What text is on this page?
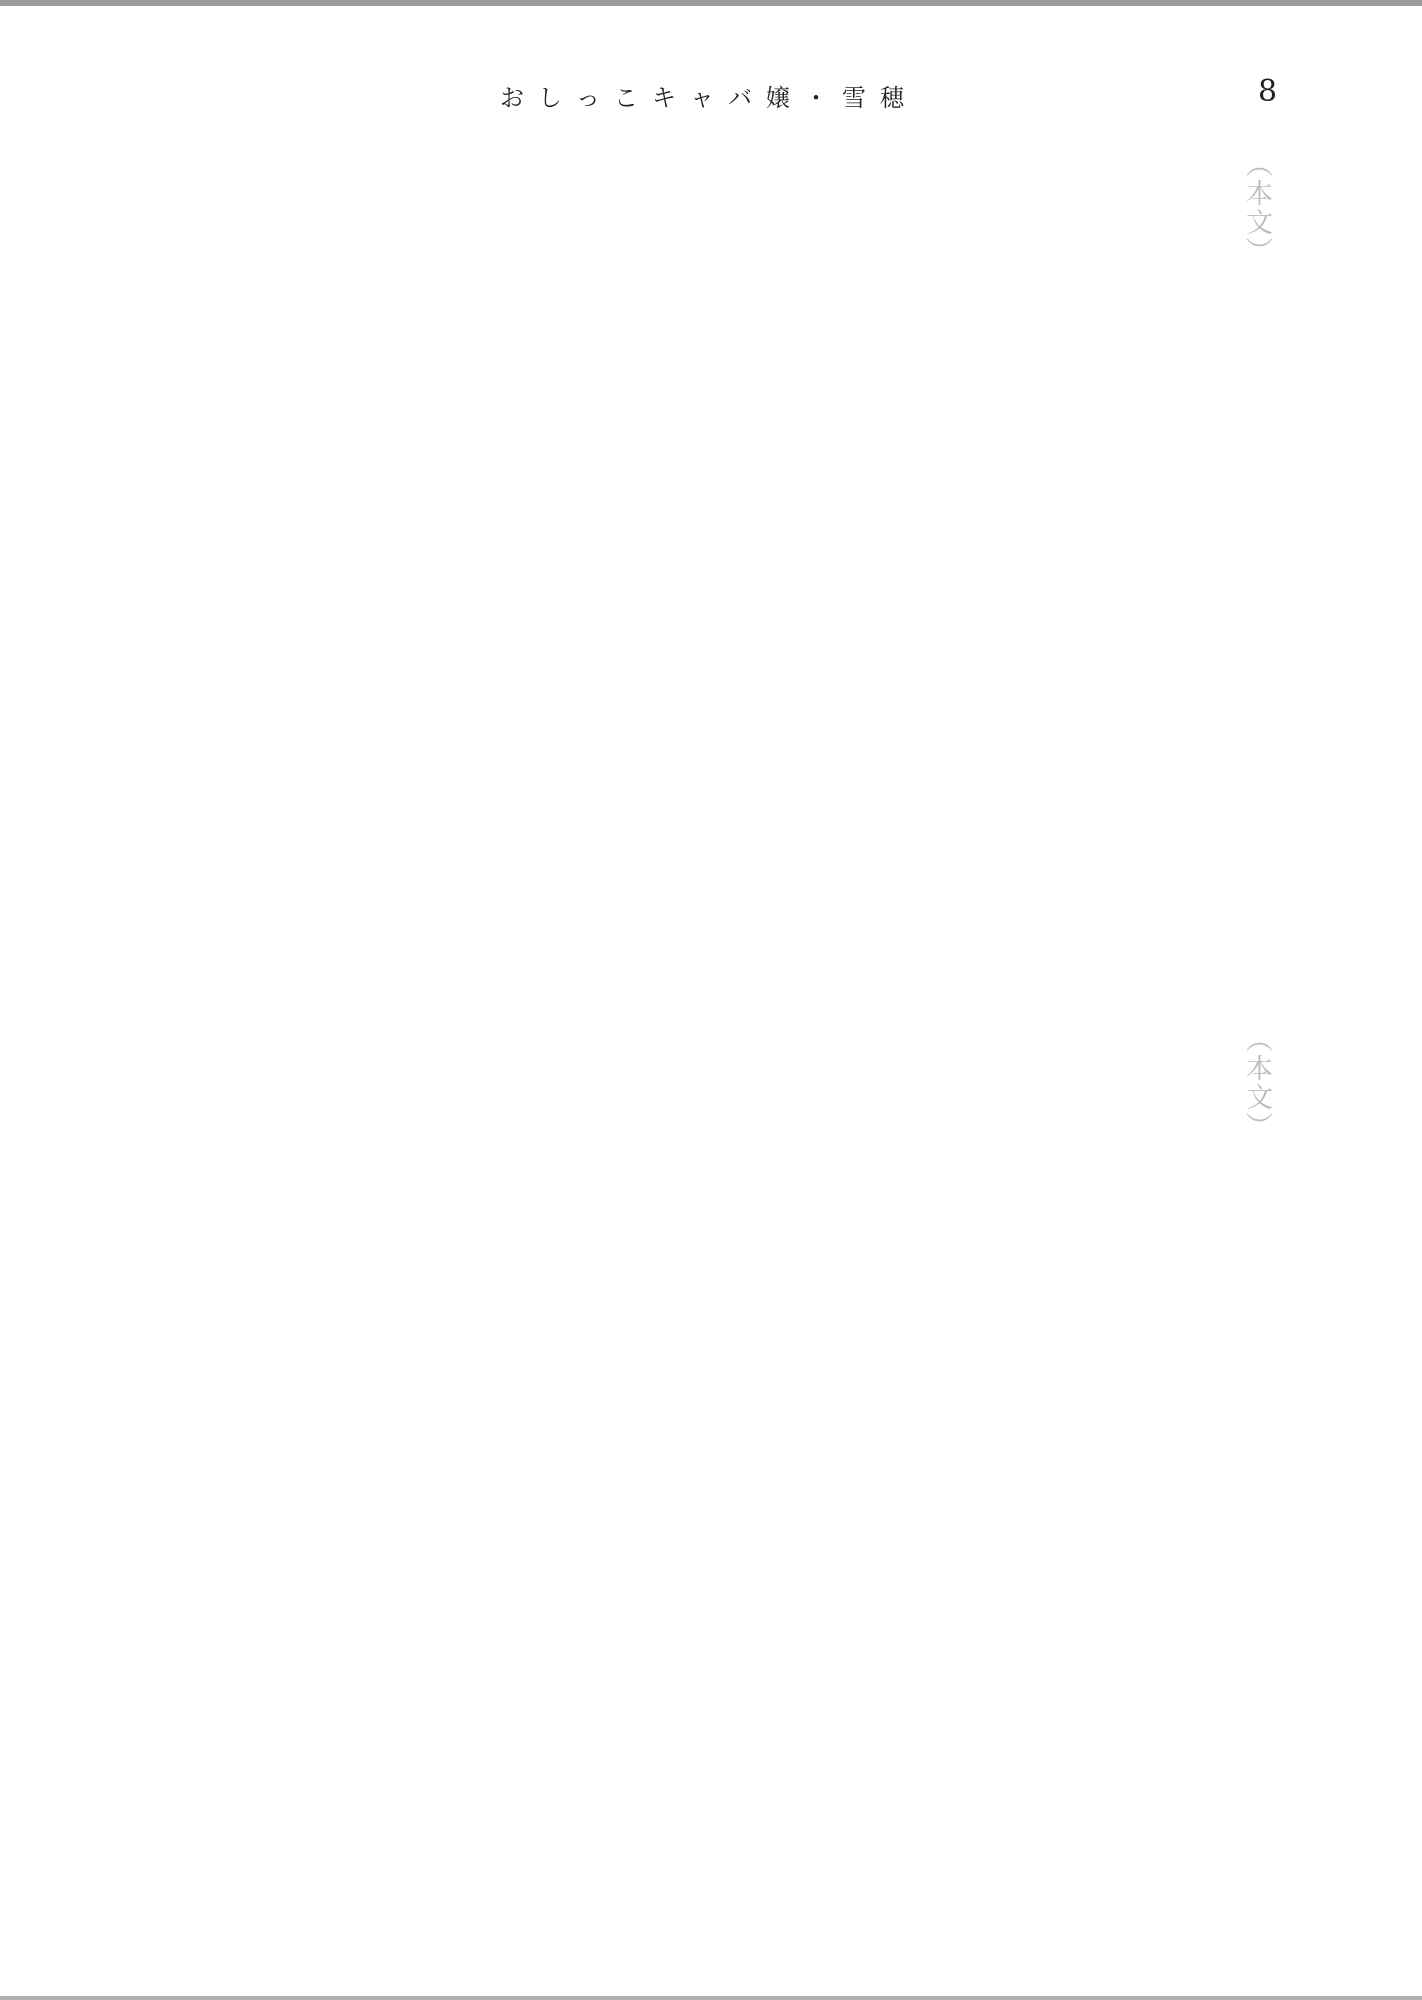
おしっこキャバ嬢・雪穂	8
（本文）
（本文）
